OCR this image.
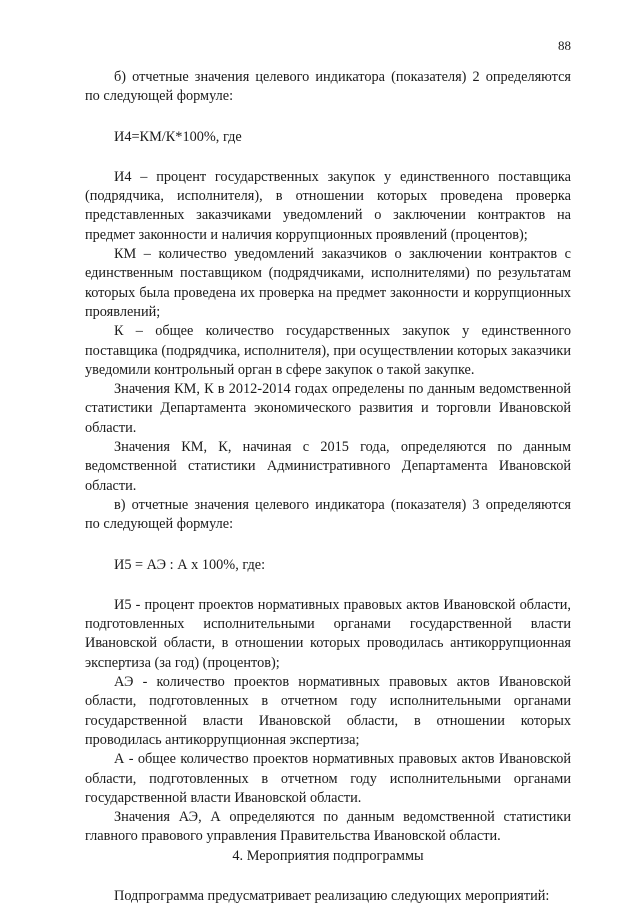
88

б) отчетные значения целевого индикатора (показателя) 2 определяются по следующей формуле:

И4=КМ/К*100%, где

И4 – процент государственных закупок у единственного поставщика (подрядчика, исполнителя), в отношении которых проведена проверка представленных заказчиками уведомлений о заключении контрактов на предмет законности и наличия коррупционных проявлений (процентов);

КМ – количество уведомлений заказчиков о заключении контрактов с единственным поставщиком (подрядчиками, исполнителями) по результатам которых была проведена их проверка на предмет законности и коррупционных проявлений;

К – общее количество государственных закупок у единственного поставщика (подрядчика, исполнителя), при осуществлении которых заказчики уведомили контрольный орган в сфере закупок о такой закупке.

Значения КМ, К в 2012-2014 годах определены по данным ведомственной статистики Департамента экономического развития и торговли Ивановской области.

Значения КМ, К, начиная с 2015 года, определяются по данным ведомственной статистики Административного Департамента Ивановской области.

в) отчетные значения целевого индикатора (показателя) 3 определяются по следующей формуле:

И5 = АЭ : А х 100%, где:

И5 - процент проектов нормативных правовых актов Ивановской области, подготовленных исполнительными органами государственной власти Ивановской области, в отношении которых проводилась антикоррупционная экспертиза (за год) (процентов);

АЭ - количество проектов нормативных правовых актов Ивановской области, подготовленных в отчетном году исполнительными органами государственной власти Ивановской области, в отношении которых проводилась антикоррупционная экспертиза;

А - общее количество проектов нормативных правовых актов Ивановской области, подготовленных в отчетном году исполнительными органами государственной власти Ивановской области.

Значения АЭ, А определяются по данным ведомственной статистики главного правового управления Правительства Ивановской области.

4. Мероприятия подпрограммы

Подпрограмма предусматривает реализацию следующих мероприятий:
